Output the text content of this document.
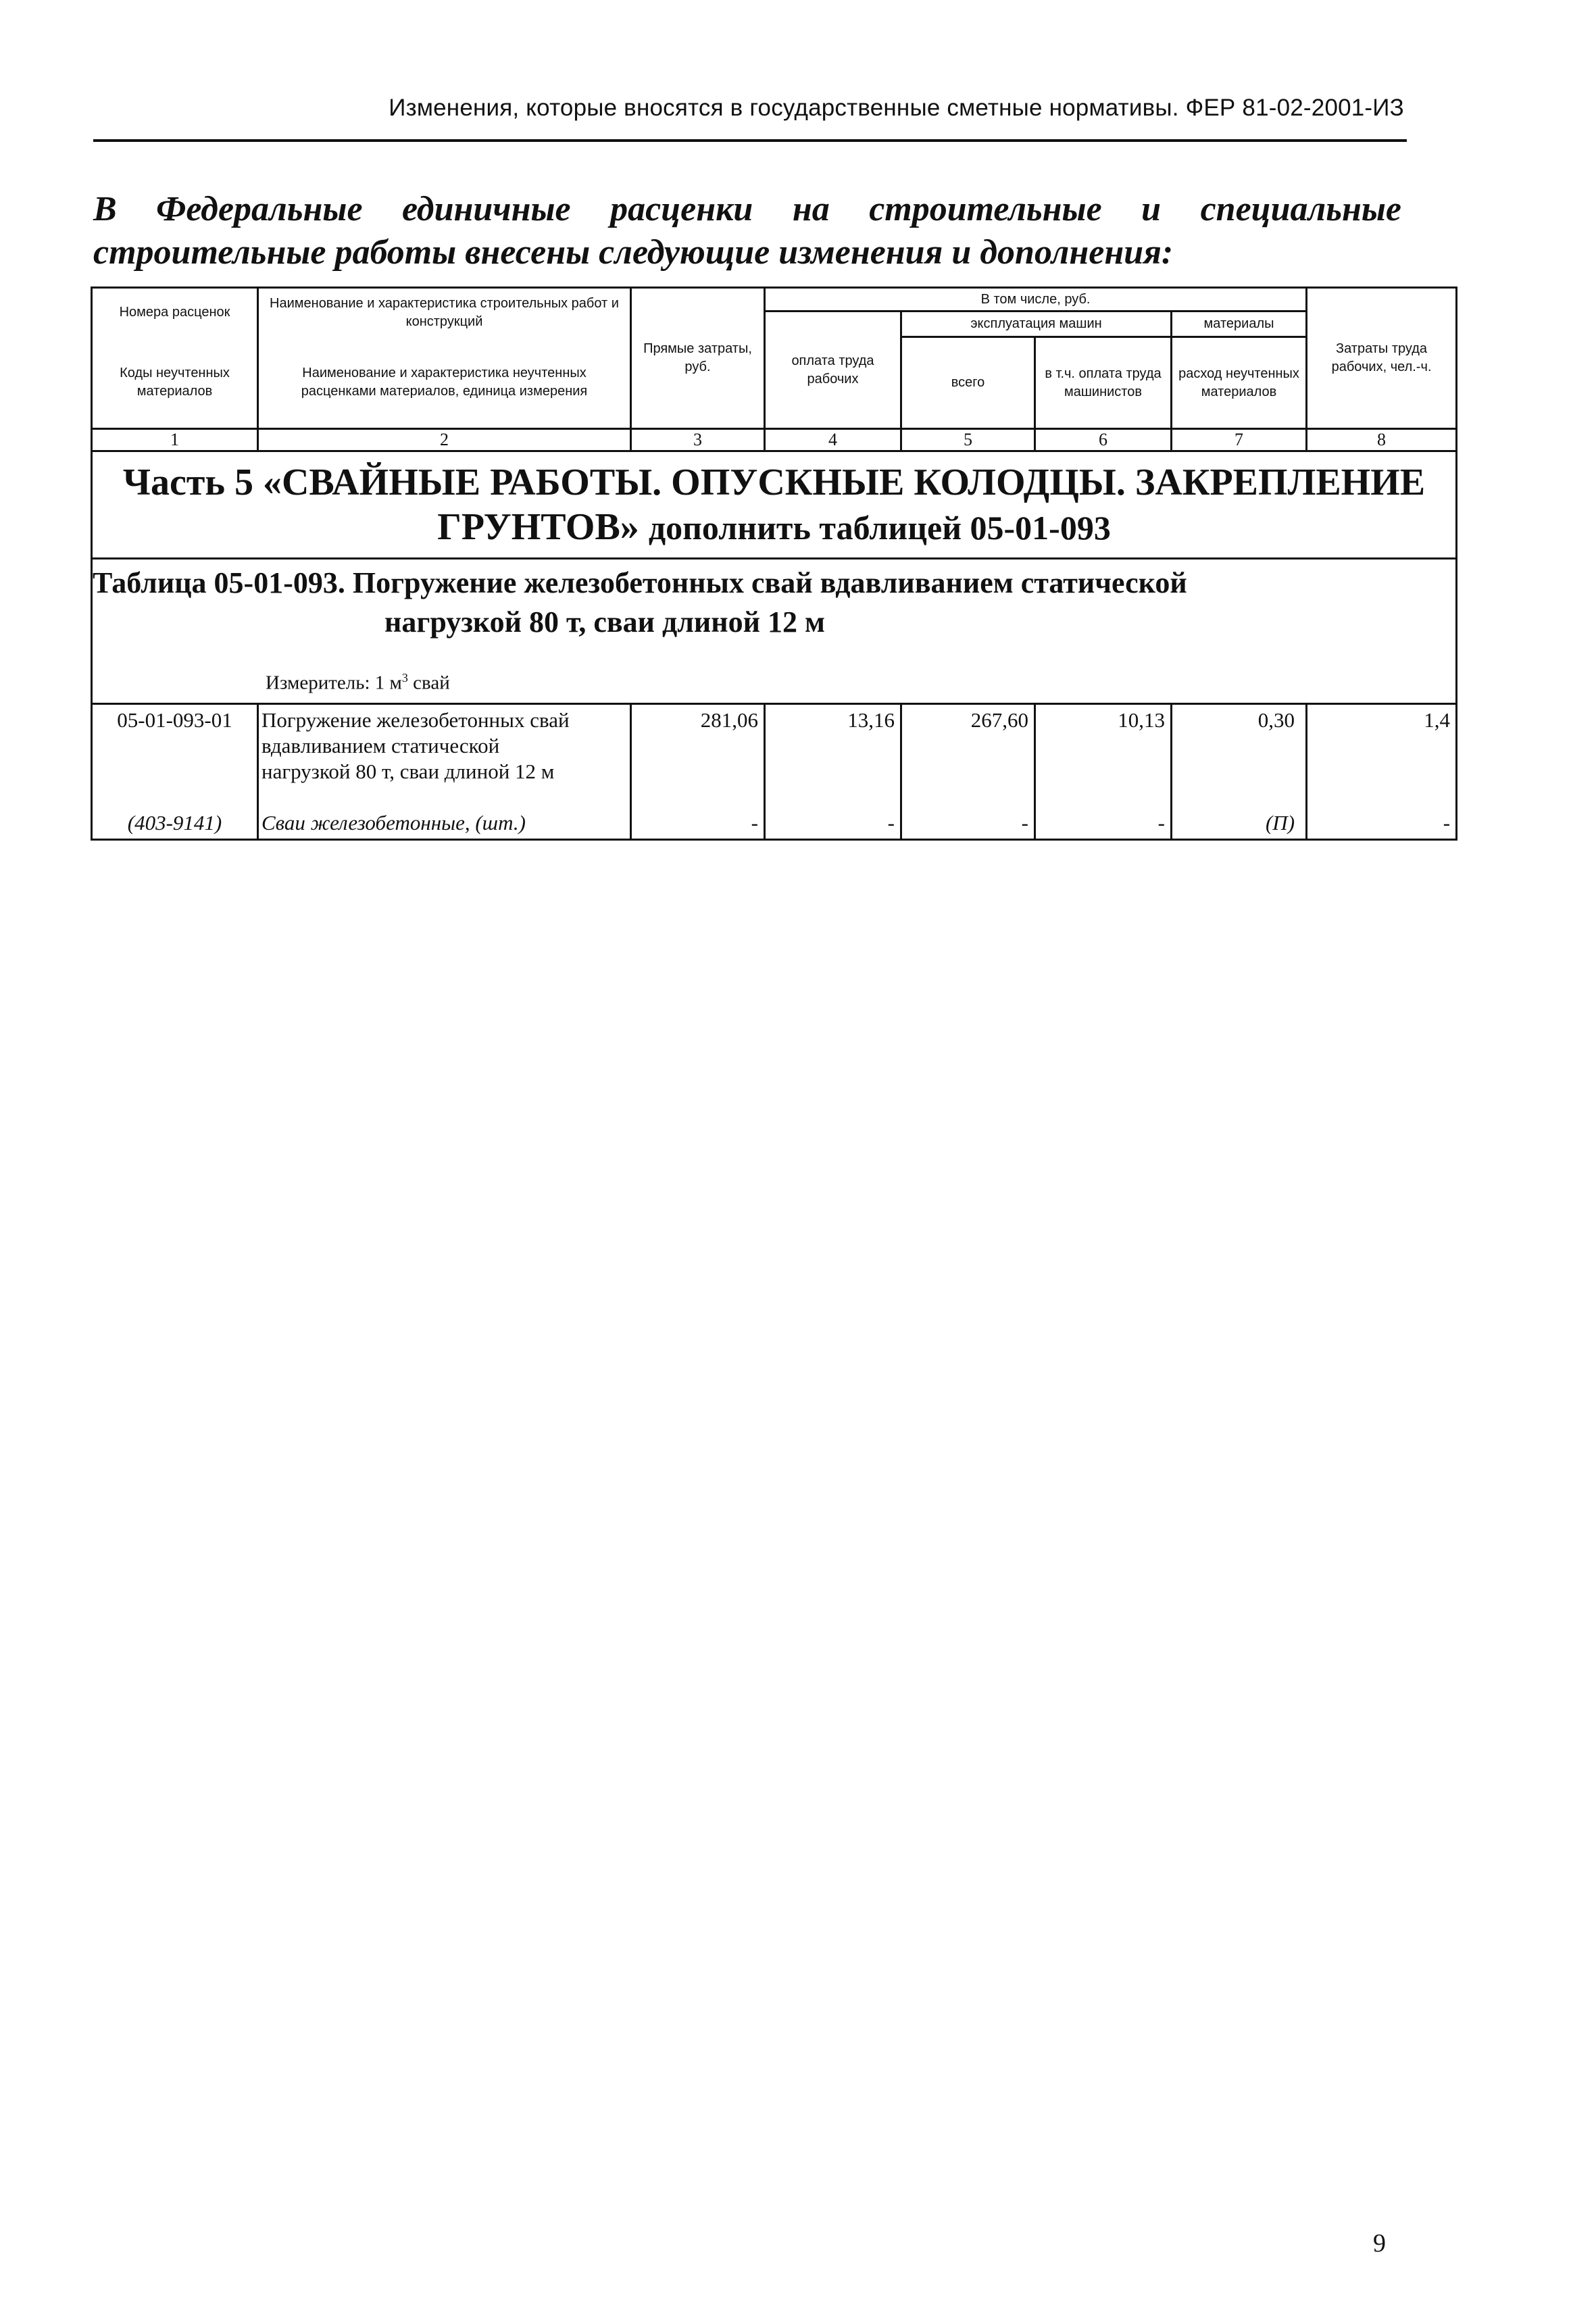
Изменения, которые вносятся в государственные сметные нормативы. ФЕР 81-02-2001-ИЗ
В Федеральные единичные расценки на строительные и специальные
строительные работы внесены следующие изменения и дополнения:
Номера расценок	Наименование и характеристика строительных работ и конструкций	Прямые затраты, руб.	В том числе, руб.				Затраты труда рабочих, чел.-ч.
			оплата труда рабочих	эксплуатация машин		материалы	
Коды неучтенных материалов	Наименование и характеристика неучтенных расценками материалов, единица измерения			всего	в т.ч. оплата труда машинистов	расход неучтенных материалов	

1	2	3	4	5	6	7	8

Часть 5 «СВАЙНЫЕ РАБОТЫ. ОПУСКНЫЕ КОЛОДЦЫ. ЗАКРЕПЛЕНИЕ
ГРУНТОВ» дополнить таблицей 05-01-093							

Таблица 05-01-093. Погружение железобетонных свай вдавливанием статической
нагрузкой 80 т, сваи длиной 12 м
Измеритель: 1 $м^3$ свай							

05-01-093-01	Погружение железобетонных свай
вдавливанием статической
нагрузкой 80 т, сваи длиной 12 м	281,06	13,16	267,60	10,13	0,30	1,4
(403-9141)	Сваи железобетонные, (шт.)	-	-	-	-	(П)	-
9
